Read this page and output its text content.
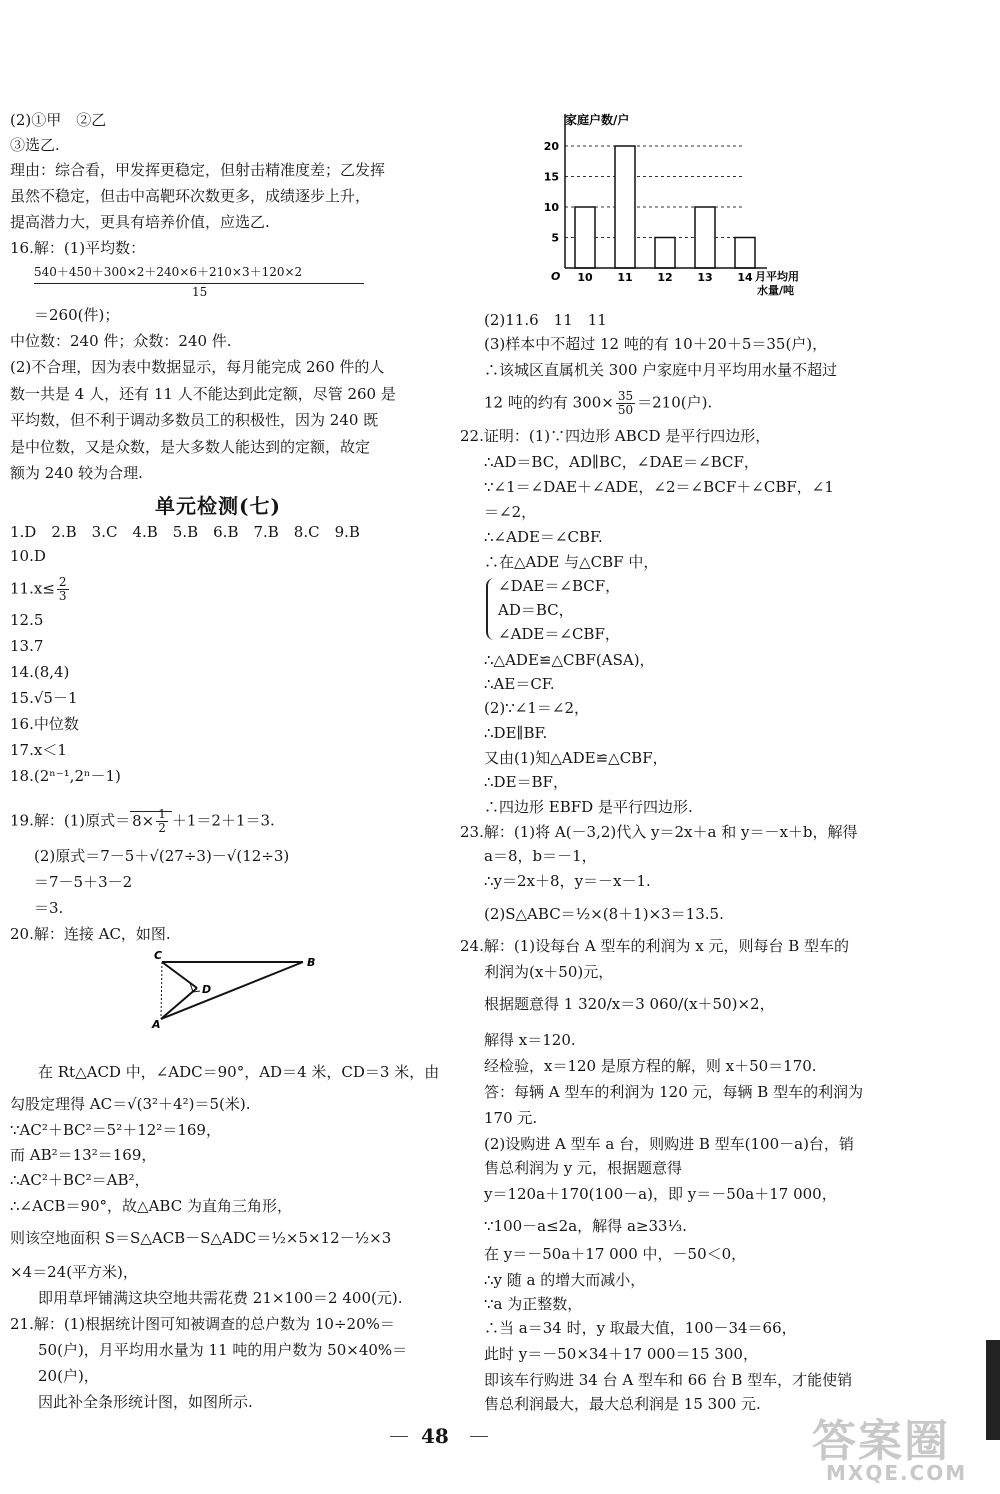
(2)①甲　②乙
③选乙.
理由：综合看，甲发挥更稳定，但射击精准度差；乙发挥
虽然不稳定，但击中高靶环次数更多，成绩逐步上升，
提高潜力大，更具有培养价值，应选乙.
16.解：(1)平均数：
540＋450＋300×2＋240×6＋210×3＋120×2
15
＝260(件)；
中位数：240 件；众数：240 件.
(2)不合理，因为表中数据显示，每月能完成 260 件的人
数一共是 4 人，还有 11 人不能达到此定额，尽管 260 是
平均数，但不利于调动多数员工的积极性，因为 240 既
是中位数，又是众数，是大多数人能达到的定额，故定
额为 240 较为合理.
单元检测(七)
1.D　2.B　3.C　4.B　5.B　6.B　7.B　8.C　9.B
10.D
$11.x\le \frac{2}{3}$
12.5
13.7
14.(8,4)
15.√5－1
16.中位数
17.x＜1
18.(2ⁿ⁻¹,2ⁿ－1)
19.解：(1)原式＝ $8\times \frac{1}{2} +1=2+1=3$.
(2)原式＝7－5＋√(27÷3)－√(12÷3)
＝7－5＋3－2
＝3.
20.解：连接 AC，如图.
C
B
D
A
在 Rt△ACD 中，∠ADC＝90°，AD＝4 米，CD＝3 米，由
勾股定理得 AC＝√(3²＋4²)＝5(米).
∵AC²＋BC²＝5²＋12²＝169，
而 AB²＝13²＝169，
∴AC²＋BC²＝AB²，
∴∠ACB＝90°，故△ABC 为直角三角形，
则该空地面积 S＝S△ACB－S△ADC＝½×5×12－½×3
×4＝24(平方米)，
即用草坪铺满这块空地共需花费 21×100＝2 400(元).
21.解：(1)根据统计图可知被调查的总户数为 10÷20%＝
50(户)，月平均用水量为 11 吨的用户数为 50×40%＝
20(户)，
因此补全条形统计图，如图所示.
家庭户数/户
O
5
10
15
20
10 11 12 13 14 月平均用
水量/吨
(2)11.6　11　11
(3)样本中不超过 12 吨的有 10＋20＋5＝35(户)，
∴该城区直属机关 300 户家庭中月平均用水量不超过
12 吨的约有 $300\times \frac{35}{50} =210$(户).
22.证明：(1)∵四边形 ABCD 是平行四边形，
∴AD＝BC，AD∥BC，∠DAE＝∠BCF，
∵∠1＝∠DAE＋∠ADE，∠2＝∠BCF＋∠CBF，∠1
＝∠2，
∴∠ADE＝∠CBF.
∴在△ADE 与△CBF 中，
∠DAE＝∠BCF，
AD＝BC，
∠ADE＝∠CBF，
∴△ADE≌△CBF(ASA)，
∴AE＝CF.
(2)∵∠1＝∠2，
∴DE∥BF.
又由(1)知△ADE≌△CBF，
∴DE＝BF，
∴四边形 EBFD 是平行四边形.
23.解：(1)将 A(－3,2)代入 y＝2x＋a 和 y＝－x＋b，解得
a＝8，b＝－1，
∴y＝2x＋8，y＝－x－1.
(2)S△ABC＝½×(8＋1)×3＝13.5.
24.解：(1)设每台 A 型车的利润为 x 元，则每台 B 型车的
利润为(x＋50)元，
根据题意得 1 320/x＝3 060/(x＋50)×2，
解得 x＝120.
经检验，x＝120 是原方程的解，则 x＋50＝170.
答：每辆 A 型车的利润为 120 元，每辆 B 型车的利润为
170 元.
(2)设购进 A 型车 a 台，则购进 B 型车(100－a)台，销
售总利润为 y 元，根据题意得
y＝120a＋170(100－a)，即 y＝－50a＋17 000，
∵100－a≤2a，解得 a≥33⅓.
在 y＝－50a＋17 000 中，－50＜0，
∴y 随 a 的增大而减小，
∵a 为正整数，
∴当 a＝34 时，y 取最大值，100－34＝66，
此时 y＝－50×34＋17 000＝15 300，
即该车行购进 34 台 A 型车和 66 台 B 型车，才能使销
售总利润最大，最大总利润是 15 300 元.
48	答案圈
MXQE.COM
